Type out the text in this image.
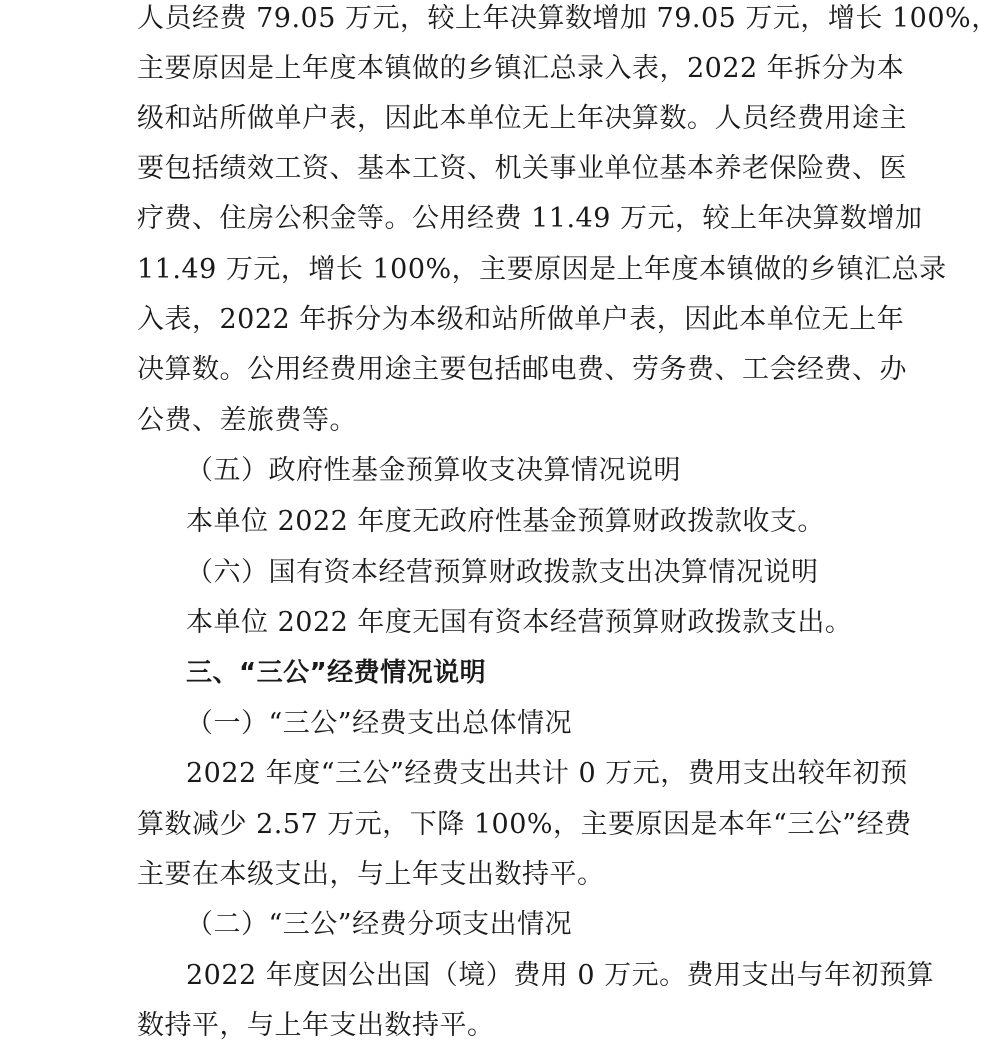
人员经费 79.05 万元，较上年决算数增加 79.05 万元，增长 100%，
主要原因是上年度本镇做的乡镇汇总录入表，2022 年拆分为本
级和站所做单户表，因此本单位无上年决算数。人员经费用途主
要包括绩效工资、基本工资、机关事业单位基本养老保险费、医
疗费、住房公积金等。公用经费 11.49 万元，较上年决算数增加
11.49 万元，增长 100%，主要原因是上年度本镇做的乡镇汇总录
入表，2022 年拆分为本级和站所做单户表，因此本单位无上年
决算数。公用经费用途主要包括邮电费、劳务费、工会经费、办
公费、差旅费等。
（五）政府性基金预算收支决算情况说明
本单位 2022 年度无政府性基金预算财政拨款收支。
（六）国有资本经营预算财政拨款支出决算情况说明
本单位 2022 年度无国有资本经营预算财政拨款支出。
三、“三公”经费情况说明
（一）“三公”经费支出总体情况
2022 年度“三公”经费支出共计 0 万元，费用支出较年初预
算数减少 2.57 万元，下降 100%，主要原因是本年“三公”经费
主要在本级支出，与上年支出数持平。
（二）“三公”经费分项支出情况
2022 年度因公出国（境）费用 0 万元。费用支出与年初预算
数持平，与上年支出数持平。
